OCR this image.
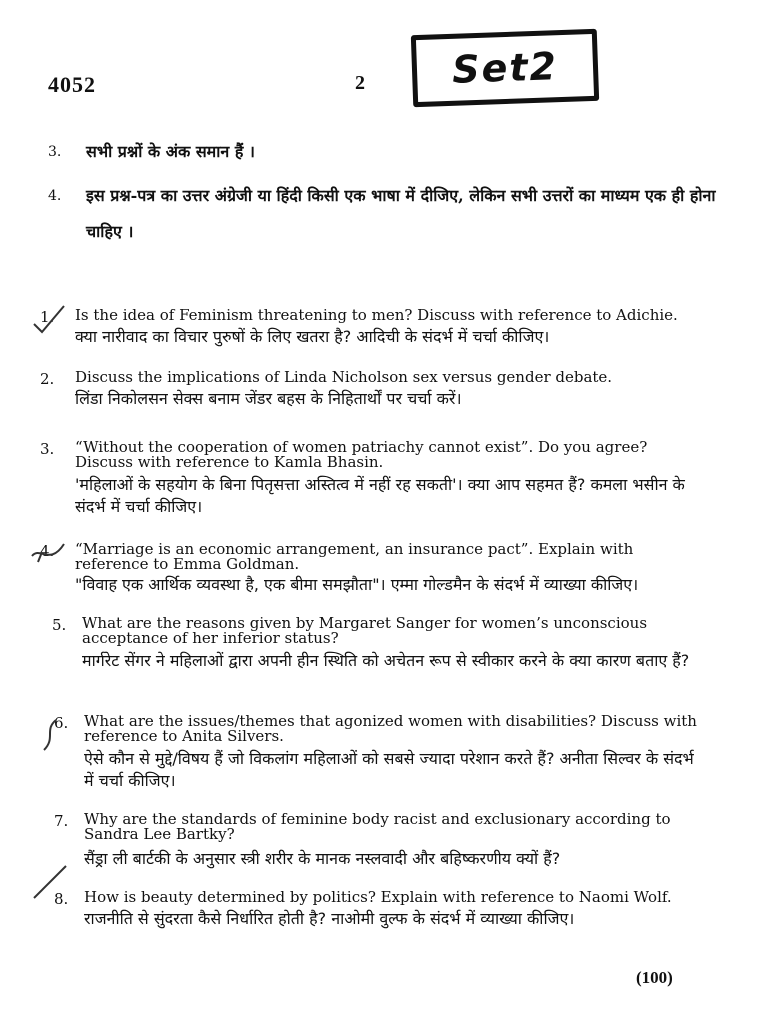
4052	2 Set2
3. सभी प्रश्नों के अंक समान हैं ।
4. इस प्रश्न-पत्र का उत्तर अंग्रेजी या हिंदी किसी एक भाषा में दीजिए, लेकिन सभी उत्तरों का माध्यम एक ही होना चाहिए ।
1. Is the idea of Feminism threatening to men? Discuss with reference to Adichie.
क्या नारीवाद का विचार पुरुषों के लिए खतरा है? आदिची के संदर्भ में चर्चा कीजिए।
2. Discuss the implications of Linda Nicholson sex versus gender debate.
लिंडा निकोलसन सेक्स बनाम जेंडर बहस के निहितार्थों पर चर्चा करें।
3. “Without the cooperation of women patriachy cannot exist”. Do you agree? Discuss with reference to Kamla Bhasin.
'महिलाओं के सहयोग के बिना पितृसत्ता अस्तित्व में नहीं रह सकती'। क्या आप सहमत हैं? कमला भसीन के संदर्भ में चर्चा कीजिए।
4. “Marriage is an economic arrangement, an insurance pact”. Explain with reference to Emma Goldman.
"विवाह एक आर्थिक व्यवस्था है, एक बीमा समझौता"। एम्मा गोल्डमैन के संदर्भ में व्याख्या कीजिए।
5. What are the reasons given by Margaret Sanger for women’s unconscious acceptance of her inferior status?
मार्गरेट सेंगर ने महिलाओं द्वारा अपनी हीन स्थिति को अचेतन रूप से स्वीकार करने के क्या कारण बताए हैं?
6. What are the issues/themes that agonized women with disabilities? Discuss with reference to Anita Silvers.
ऐसे कौन से मुद्दे/विषय हैं जो विकलांग महिलाओं को सबसे ज्यादा परेशान करते हैं? अनीता सिल्वर के संदर्भ में चर्चा कीजिए।
7. Why are the standards of feminine body racist and exclusionary according to Sandra Lee Bartky?
सैंड्रा ली बार्टकी के अनुसार स्त्री शरीर के मानक नस्लवादी और बहिष्करणीय क्यों हैं?
8. How is beauty determined by politics? Explain with reference to Naomi Wolf.
राजनीति से सुंदरता कैसे निर्धारित होती है? नाओमी वुल्फ के संदर्भ में व्याख्या कीजिए।
(100)
